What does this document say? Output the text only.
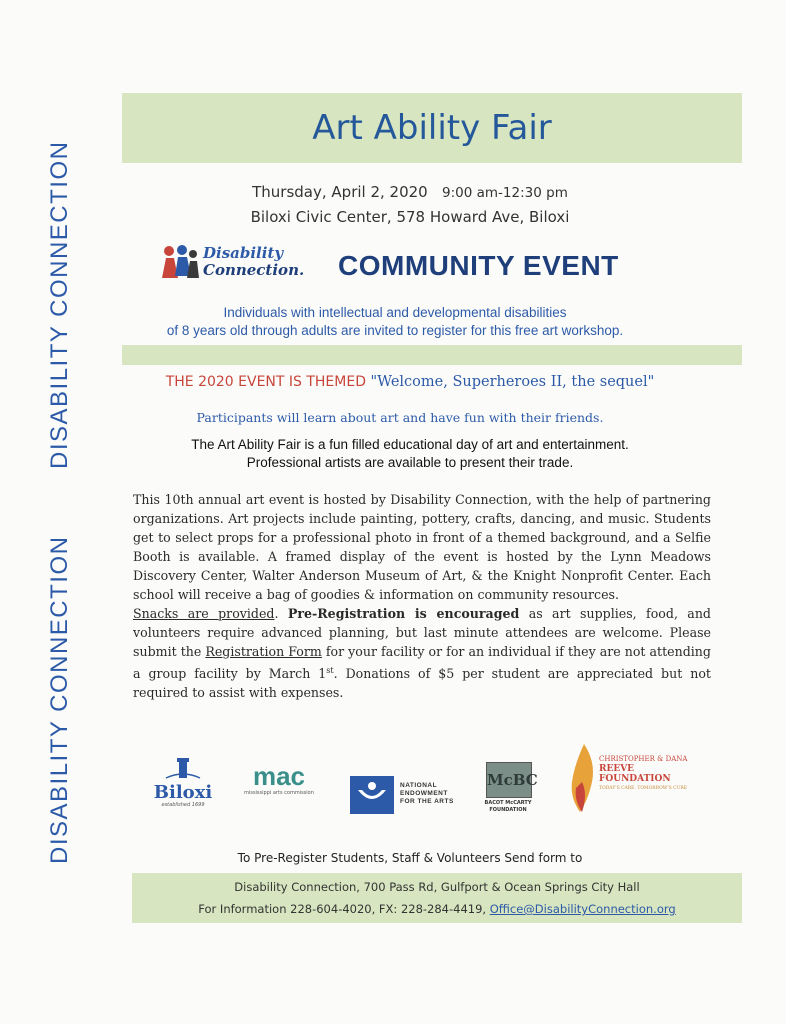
DISABILITY CONNECTION
DISABILITY CONNECTION
Art Ability Fair
Thursday, April 2, 2020 9:00 am-12:30 pm
Biloxi Civic Center, 578 Howard Ave, Biloxi
Disability
Connection. COMMUNITY EVENT
Individuals with intellectual and developmental disabilities
of 8 years old through adults are invited to register for this free art workshop.
THE 2020 EVENT IS THEMED "Welcome, Superheroes II, the sequel"
Participants will learn about art and have fun with their friends.
The Art Ability Fair is a fun filled educational day of art and entertainment.
Professional artists are available to present their trade.

This 10th annual art event is hosted by Disability Connection, with the help of partnering organizations. Art projects include painting, pottery, crafts, dancing, and music. Students get to select props for a professional photo in front of a themed background, and a Selfie Booth is available. A framed display of the event is hosted by the Lynn Meadows Discovery Center, Walter Anderson Museum of Art, & the Knight Nonprofit Center. Each school will receive a bag of goodies & information on community resources.

Snacks are provided. Pre-Registration is encouraged as art supplies, food, and volunteers require advanced planning, but last minute attendees are welcome. Please submit the Registration Form for your facility or for an individual if they are not attending a group facility by March 1st. Donations of $5 per student are appreciated but not required to assist with expenses.

Biloxi
established 1699
mac
mississippi arts commission
NATIONAL
ENDOWMENT
FOR THE ARTS
McBC
BACOT McCARTY
FOUNDATION
CHRISTOPHER & DANA
REEVE FOUNDATION
TODAY'S CARE. TOMORROW'S CURE
To Pre-Register Students, Staff & Volunteers Send form to
Disability Connection, 700 Pass Rd, Gulfport & Ocean Springs City Hall
For Information 228-604-4020, FX: 228-284-4419, Office@DisabilityConnection.org
